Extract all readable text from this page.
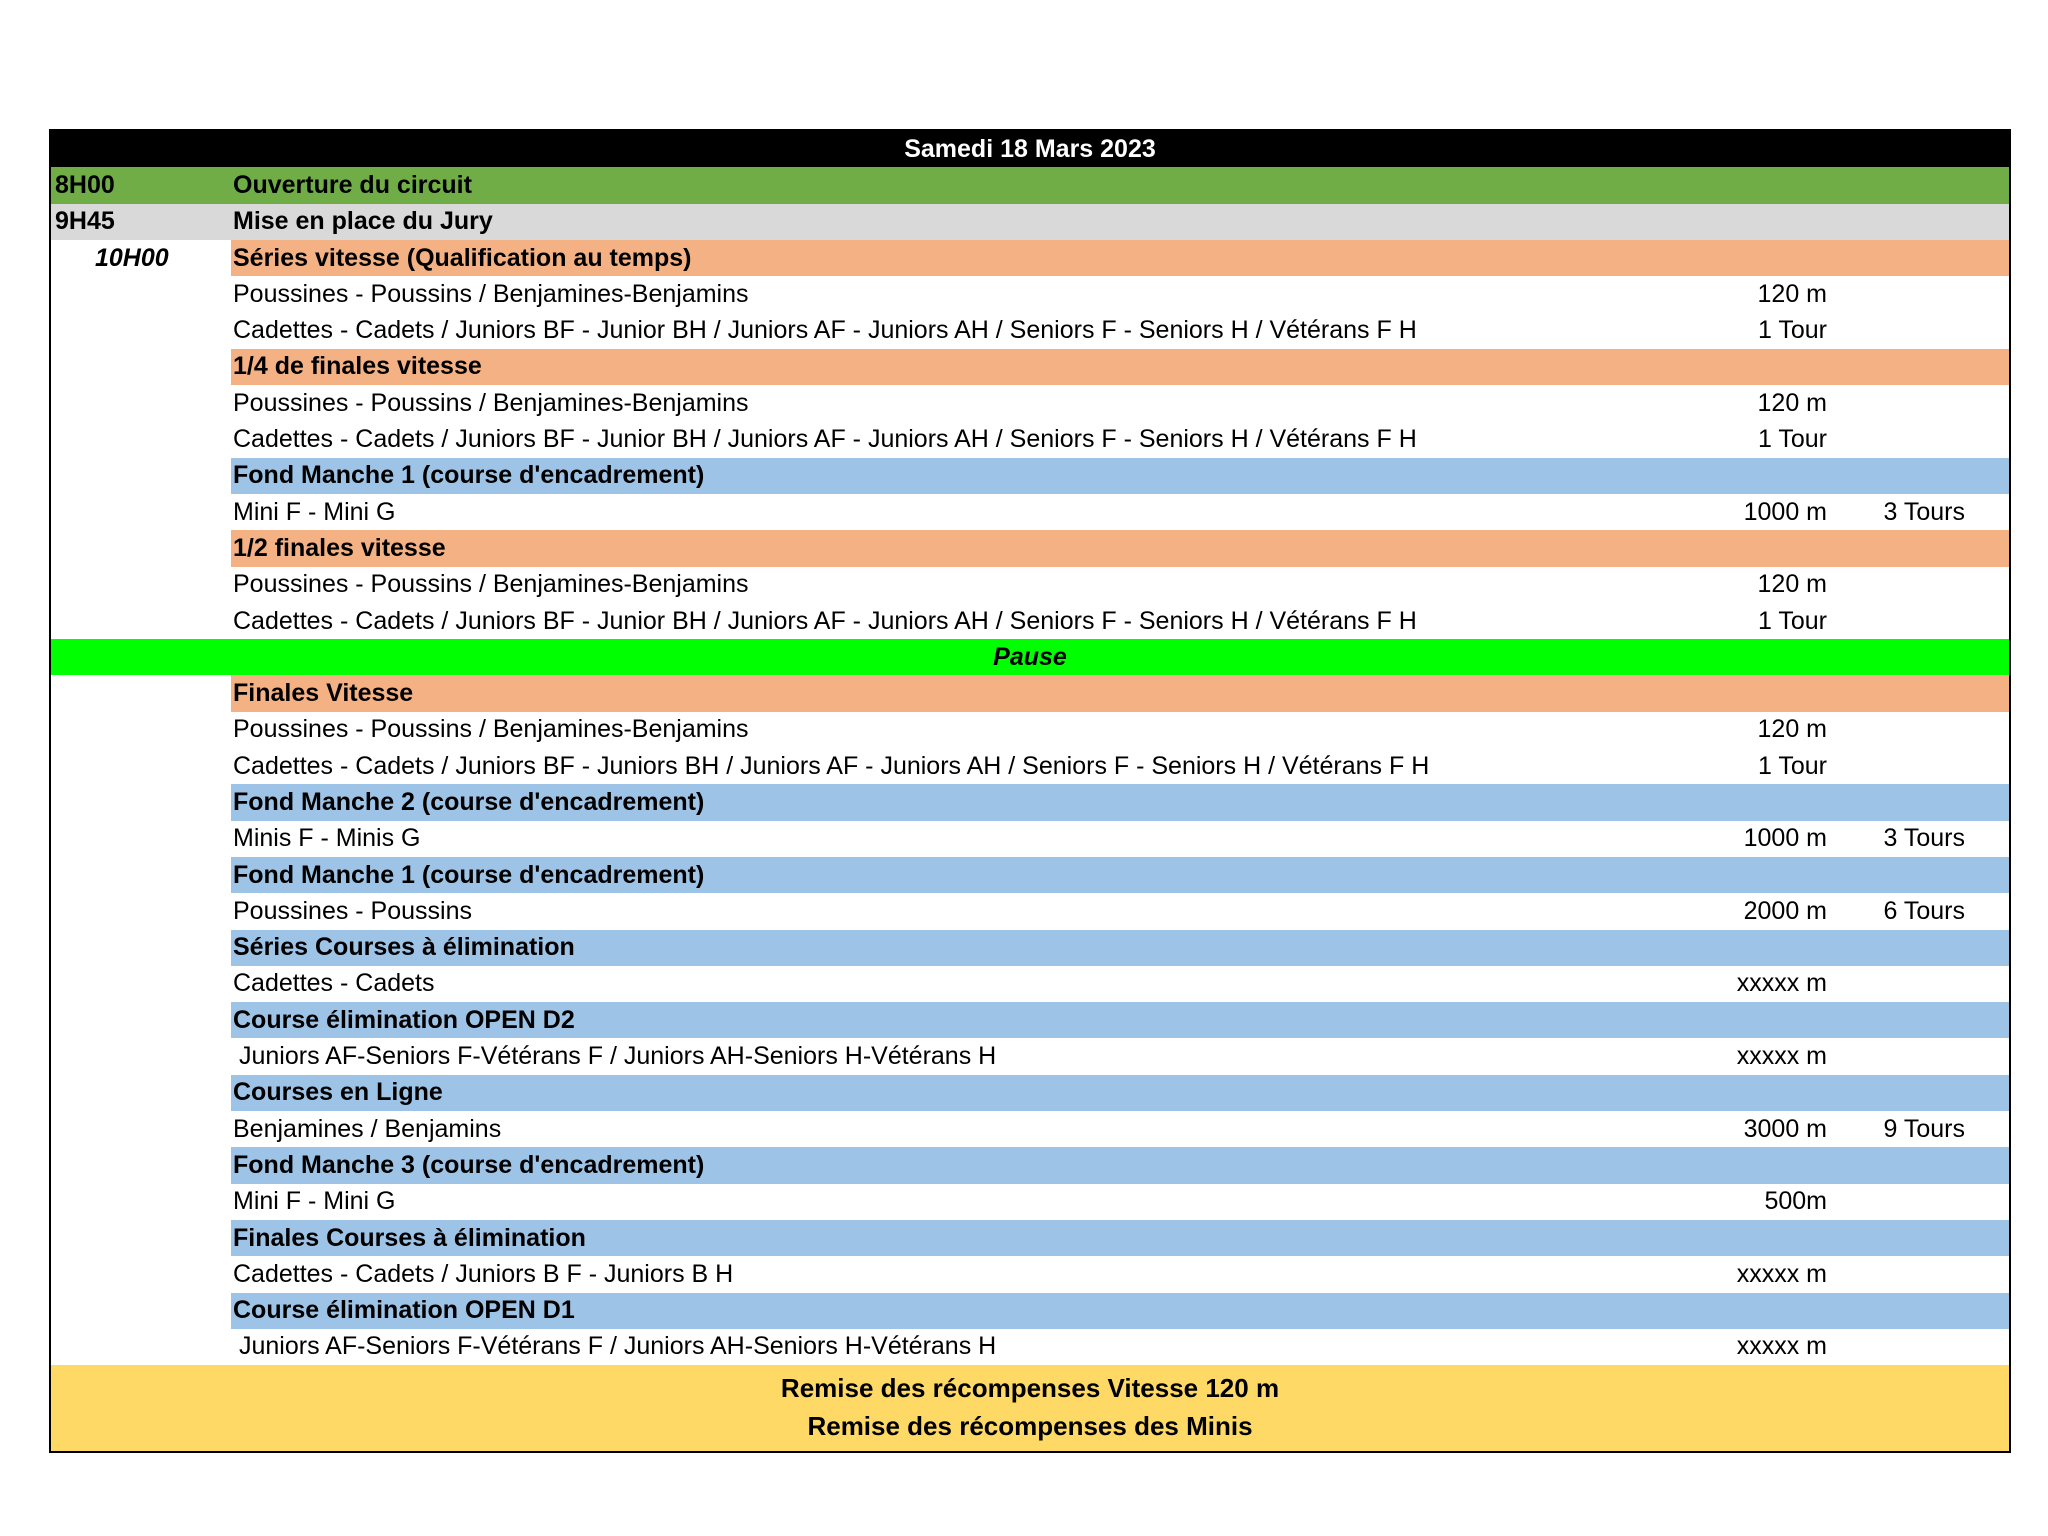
Samedi 18 Mars 2023
8H00	Ouverture du circuit
9H45	Mise en place du Jury
10H00	Séries vitesse (Qualification au temps)
Poussines - Poussins / Benjamines-Benjamins	120 m
Cadettes - Cadets / Juniors BF - Junior BH / Juniors AF - Juniors AH / Seniors F - Seniors H / Vétérans F H	1 Tour
1/4 de finales vitesse
Poussines - Poussins / Benjamines-Benjamins	120 m
Cadettes - Cadets / Juniors BF - Junior BH / Juniors AF - Juniors AH / Seniors F - Seniors H / Vétérans F H	1 Tour
Fond Manche 1 (course d'encadrement)
Mini F - Mini G	1000 m	3 Tours
1/2 finales vitesse
Poussines - Poussins / Benjamines-Benjamins	120 m
Cadettes - Cadets / Juniors BF - Junior BH / Juniors AF - Juniors AH / Seniors F - Seniors H / Vétérans F H	1 Tour
Pause
Finales Vitesse
Poussines - Poussins / Benjamines-Benjamins	120 m
Cadettes - Cadets / Juniors BF - Juniors BH / Juniors AF - Juniors AH / Seniors F - Seniors H / Vétérans F H	1 Tour
Fond Manche 2 (course d'encadrement)
Minis F - Minis G	1000 m	3 Tours
Fond Manche 1 (course d'encadrement)
Poussines - Poussins	2000 m	6 Tours
Séries Courses à élimination
Cadettes - Cadets	xxxxx m
Course élimination OPEN D2
Juniors AF-Seniors F-Vétérans F / Juniors AH-Seniors H-Vétérans H	xxxxx m
Courses en Ligne
Benjamines / Benjamins	3000 m	9 Tours
Fond Manche 3 (course d'encadrement)
Mini F - Mini G	500m
Finales Courses à élimination
Cadettes - Cadets / Juniors B F - Juniors B H	xxxxx m
Course élimination OPEN D1
Juniors AF-Seniors F-Vétérans F / Juniors AH-Seniors H-Vétérans H	xxxxx m
Remise des récompenses Vitesse 120 m
Remise des récompenses des Minis
